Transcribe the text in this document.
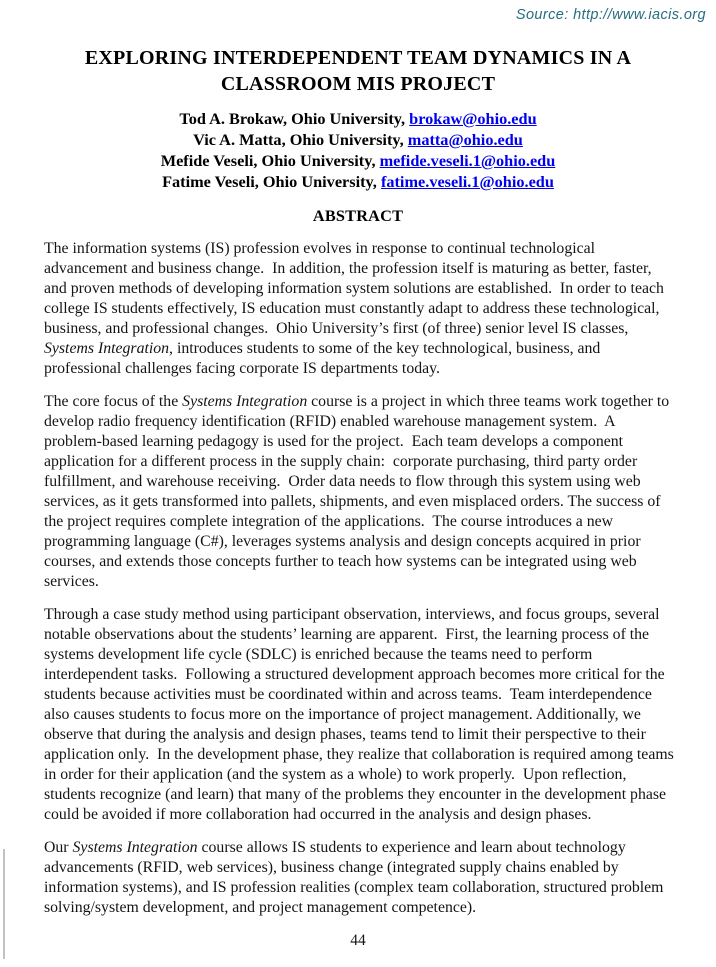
Source: http://www.iacis.org
EXPLORING INTERDEPENDENT TEAM DYNAMICS IN A
CLASSROOM MIS PROJECT
Tod A. Brokaw, Ohio University, brokaw@ohio.edu
Vic A. Matta, Ohio University, matta@ohio.edu
Mefide Veseli, Ohio University, mefide.veseli.1@ohio.edu
Fatime Veseli, Ohio University, fatime.veseli.1@ohio.edu
ABSTRACT

The information systems (IS) profession evolves in response to continual technological advancement and business change.  In addition, the profession itself is maturing as better, faster, and proven methods of developing information system solutions are established.  In order to teach college IS students effectively, IS education must constantly adapt to address these technological, business, and professional changes.  Ohio University’s first (of three) senior level IS classes, Systems Integration, introduces students to some of the key technological, business, and professional challenges facing corporate IS departments today.

The core focus of the Systems Integration course is a project in which three teams work together to develop radio frequency identification (RFID) enabled warehouse management system.  A problem-based learning pedagogy is used for the project.  Each team develops a component application for a different process in the supply chain:  corporate purchasing, third party order fulfillment, and warehouse receiving.  Order data needs to flow through this system using web services, as it gets transformed into pallets, shipments, and even misplaced orders. The success of the project requires complete integration of the applications.  The course introduces a new programming language (C#), leverages systems analysis and design concepts acquired in prior courses, and extends those concepts further to teach how systems can be integrated using web services.

Through a case study method using participant observation, interviews, and focus groups, several notable observations about the students’ learning are apparent.  First, the learning process of the systems development life cycle (SDLC) is enriched because the teams need to perform interdependent tasks.  Following a structured development approach becomes more critical for the students because activities must be coordinated within and across teams.  Team interdependence also causes students to focus more on the importance of project management. Additionally, we observe that during the analysis and design phases, teams tend to limit their perspective to their application only.  In the development phase, they realize that collaboration is required among teams in order for their application (and the system as a whole) to work properly.  Upon reflection, students recognize (and learn) that many of the problems they encounter in the development phase could be avoided if more collaboration had occurred in the analysis and design phases.

Our Systems Integration course allows IS students to experience and learn about technology advancements (RFID, web services), business change (integrated supply chains enabled by information systems), and IS profession realities (complex team collaboration, structured problem solving/system development, and project management competence).

44
